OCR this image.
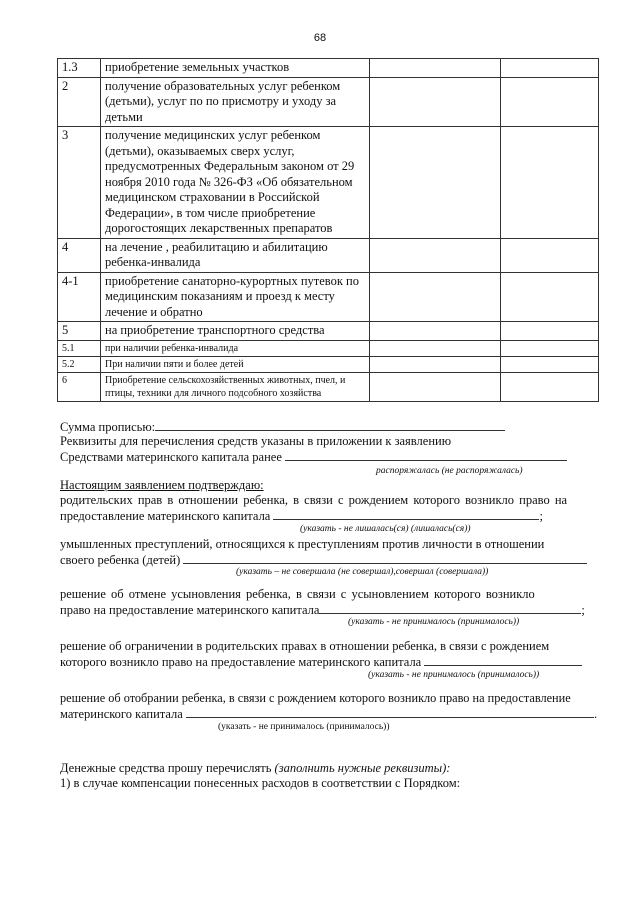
68
1.3	приобретение земельных участков		
2	получение образовательных услуг ребенком (детьми), услуг по по присмотру и уходу за детьми		
3	получение медицинских услуг ребенком (детьми), оказываемых сверх услуг, предусмотренных Федеральным законом от 29 ноября 2010 года № 326-ФЗ «Об обязательном медицинском страховании в Российской Федерации», в том числе приобретение дорогостоящих лекарственных препаратов		
4	на лечение , реабилитацию и абилитацию ребенка-инвалида		
4-1	приобретение санаторно-курортных путевок по медицинским показаниям и проезд к месту лечение и обратно		
5	на приобретение транспортного средства		
5.1	при наличии ребенка-инвалида		
5.2	При наличии пяти и более детей		
6	Приобретение сельскохозяйственных животных, пчел, и птицы, техники для личного подсобного хозяйства		
Сумма прописью:
Реквизиты для перечисления средств указаны в приложении к заявлению
Средствами материнского капитала ранее
распоряжалась (не распоряжалась)
Настоящим заявлением подтверждаю:
родительских прав в отношении ребенка, в связи с рождением которого возникло право на
предоставление материнского капитала	;
(указать - не лишалась(ся) (лишалась(ся))
умышленных преступлений, относящихся к преступлениям против личности в отношении
своего ребенка (детей)
(указать – не совершала (не совершал),совершал (совершала))
решение об отмене усыновления ребенка, в связи с усыновлением которого возникло
право на предоставление материнского капитала	;
(указать - не принималось (принималось))
решение об ограничении в родительских правах в отношении ребенка, в связи с рождением
которого возникло право на предоставление материнского капитала
(указать - не принималось (принималось))
решение об отобрании ребенка, в связи с рождением которого возникло право на предоставление
материнского капитала	.
(указать - не принималось (принималось))
Денежные средства прошу перечислять (заполнить нужные реквизиты):
1) в случае компенсации понесенных расходов в соответствии с Порядком:
